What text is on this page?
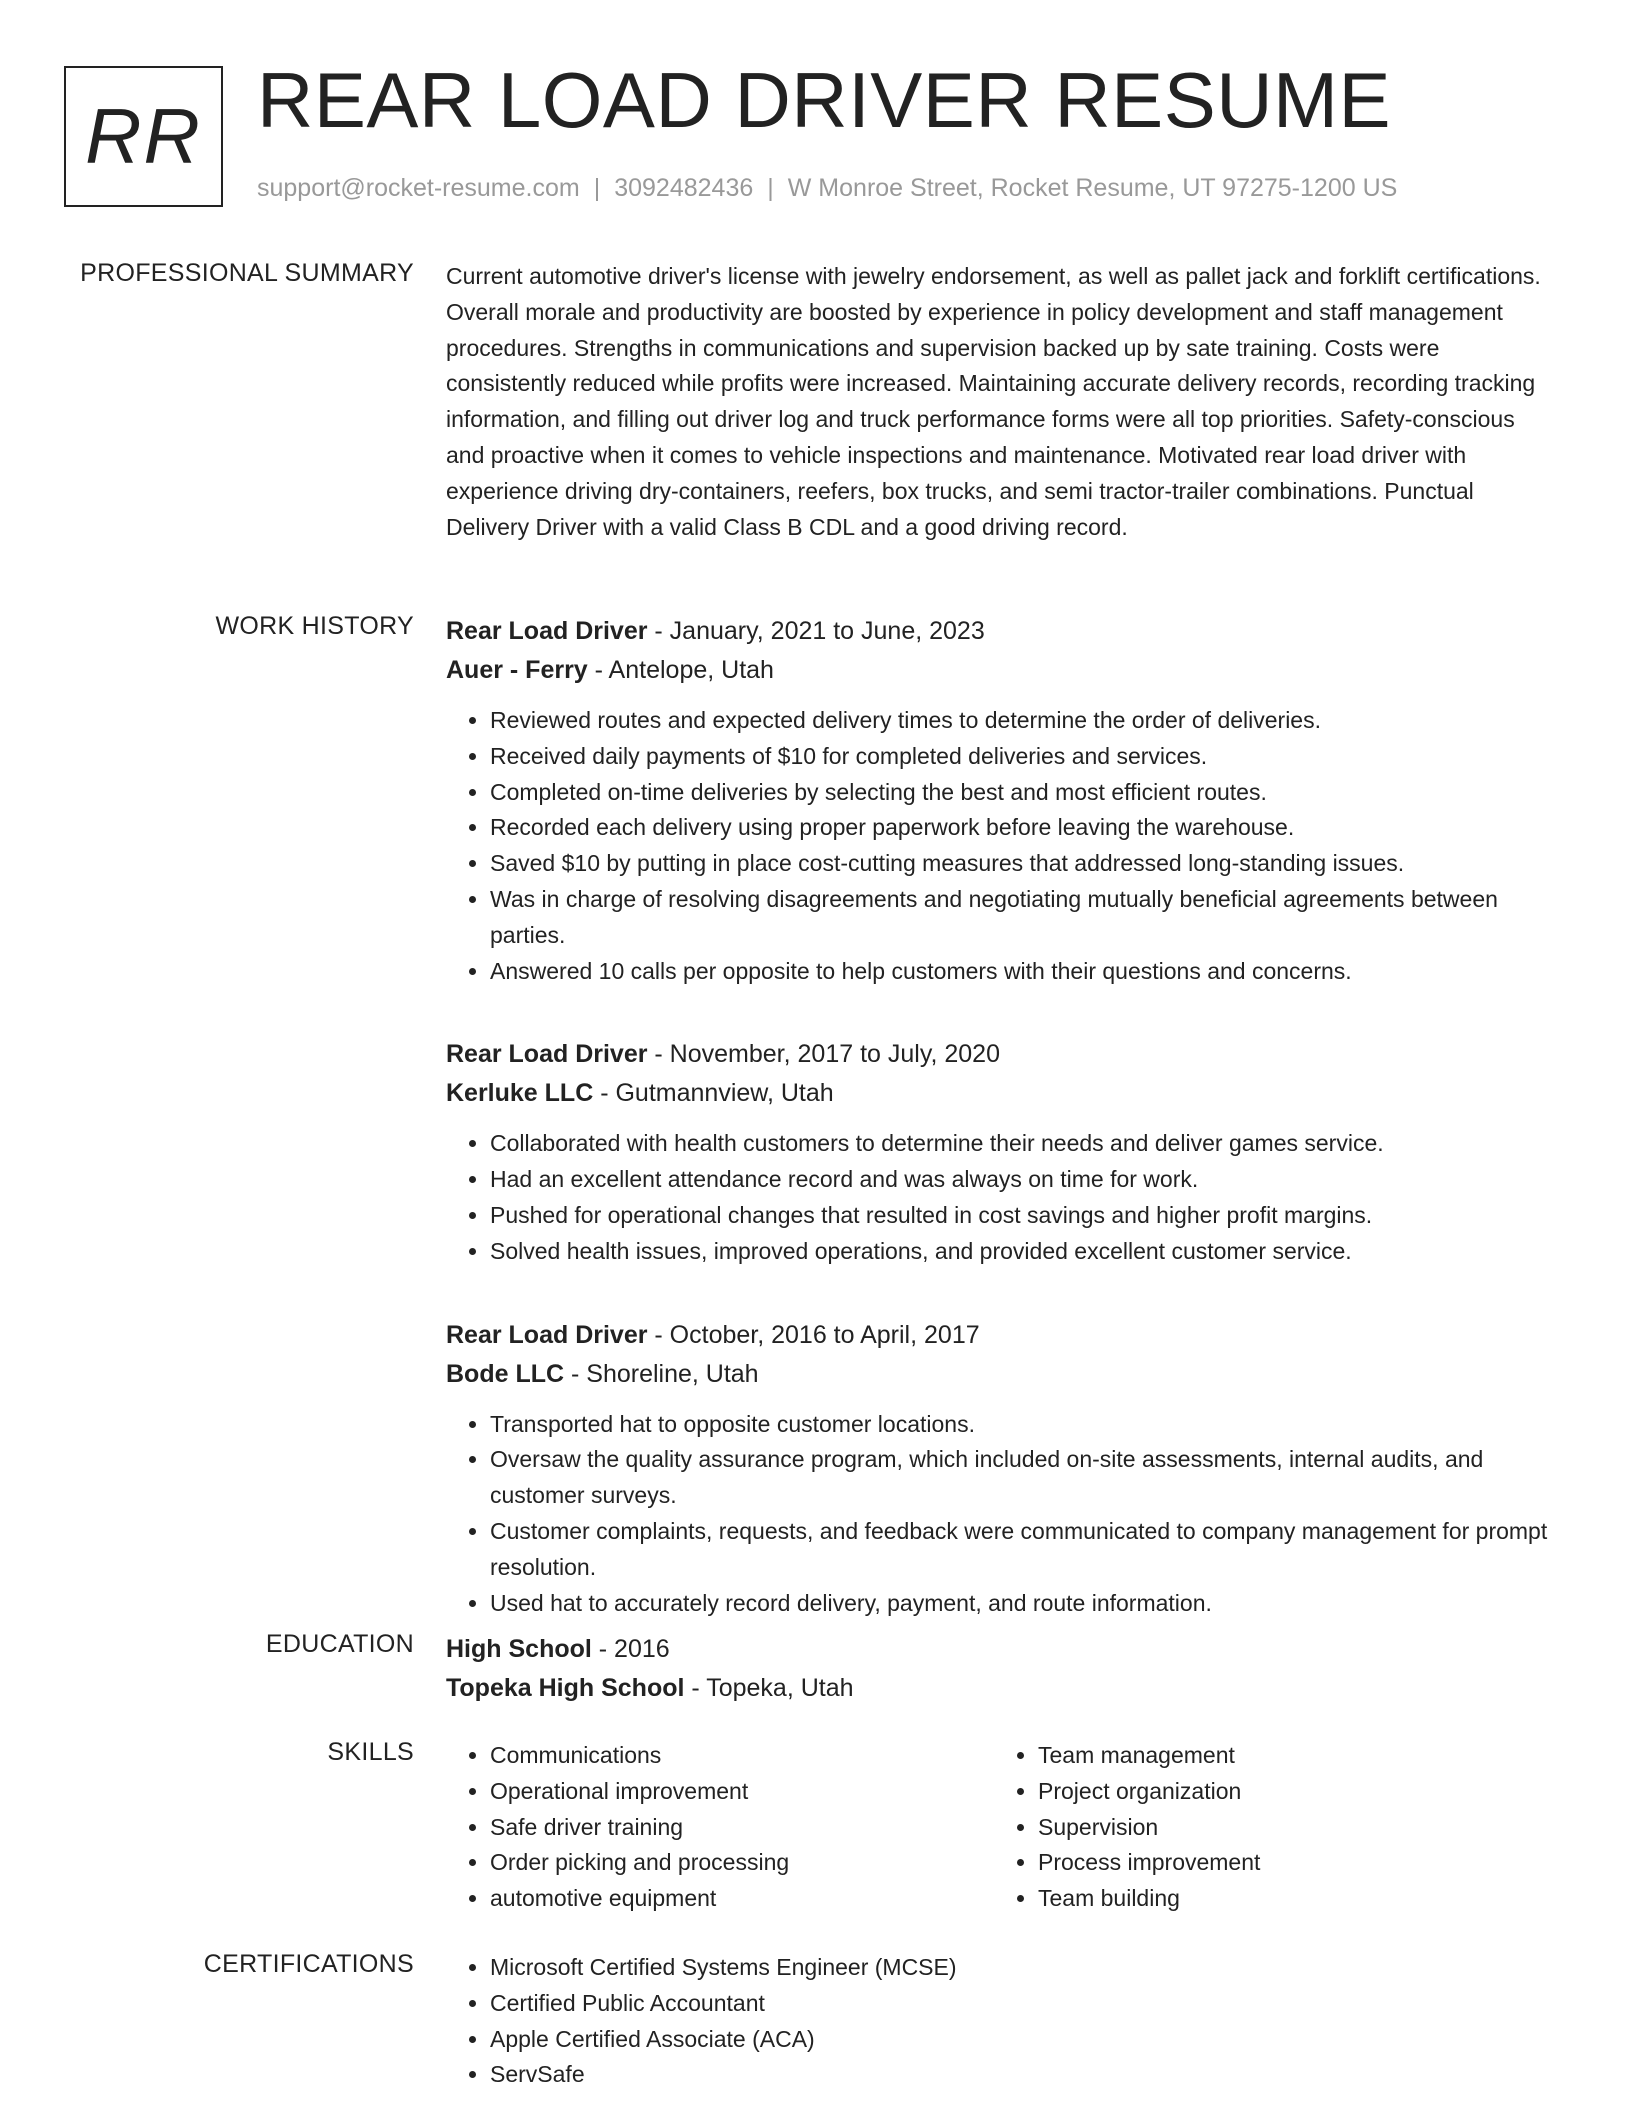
RR REAR LOAD DRIVER RESUME
support@rocket-resume.com | 3092482436 | W Monroe Street, Rocket Resume, UT 97275-1200 US
PROFESSIONAL SUMMARY Current automotive driver's license with jewelry endorsement, as well as pallet jack and forklift certifications. Overall morale and productivity are boosted by experience in policy development and staff management procedures. Strengths in communications and supervision backed up by sate training. Costs were consistently reduced while profits were increased. Maintaining accurate delivery records, recording tracking information, and filling out driver log and truck performance forms were all top priorities. Safety-conscious and proactive when it comes to vehicle inspections and maintenance. Motivated rear load driver with experience driving dry-containers, reefers, box trucks, and semi tractor-trailer combinations. Punctual Delivery Driver with a valid Class B CDL and a good driving record.

WORK HISTORY Rear Load Driver - January, 2021 to June, 2023
Auer - Ferry - Antelope, Utah
• Reviewed routes and expected delivery times to determine the order of deliveries.
• Received daily payments of $10 for completed deliveries and services.
• Completed on-time deliveries by selecting the best and most efficient routes.
• Recorded each delivery using proper paperwork before leaving the warehouse.
• Saved $10 by putting in place cost-cutting measures that addressed long-standing issues.
• Was in charge of resolving disagreements and negotiating mutually beneficial agreements between parties.
• Answered 10 calls per opposite to help customers with their questions and concerns.
Rear Load Driver - November, 2017 to July, 2020
Kerluke LLC - Gutmannview, Utah
• Collaborated with health customers to determine their needs and deliver games service.
• Had an excellent attendance record and was always on time for work.
• Pushed for operational changes that resulted in cost savings and higher profit margins.
• Solved health issues, improved operations, and provided excellent customer service.
Rear Load Driver - October, 2016 to April, 2017
Bode LLC - Shoreline, Utah
• Transported hat to opposite customer locations.
• Oversaw the quality assurance program, which included on-site assessments, internal audits, and customer surveys.
• Customer complaints, requests, and feedback were communicated to company management for prompt resolution.
• Used hat to accurately record delivery, payment, and route information.
EDUCATION High School - 2016
Topeka High School - Topeka, Utah
SKILLS	• Communications
• Operational improvement
• Safe driver training
• Order picking and processing
• automotive equipment
• Team management
• Project organization
• Supervision
• Process improvement
• Team building
CERTIFICATIONS	• Microsoft Certified Systems Engineer (MCSE)
• Certified Public Accountant
• Apple Certified Associate (ACA)
• ServSafe
